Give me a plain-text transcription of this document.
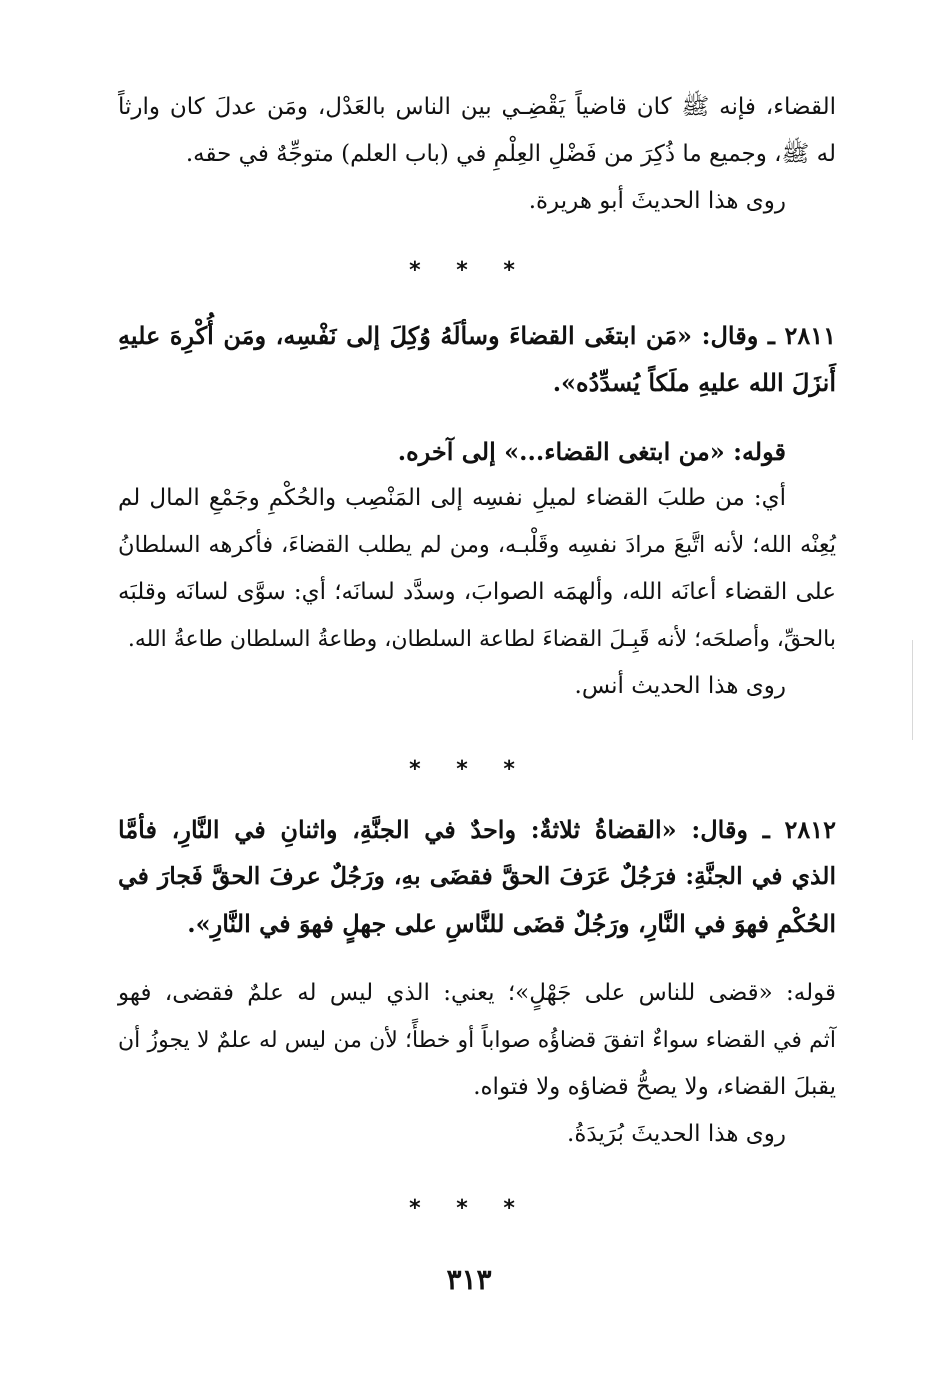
القضاء، فإنه ﷺ كان قاضياً يَقْضِـي بين الناس بالعَدْل، ومَن عدلَ كان وارثاً
له ﷺ، وجميع ما ذُكِرَ من فَضْلِ العِلْمِ في (باب العلم) متوجِّهٌ في حقه.
روى هذا الحديثَ أبو هريرة.
* * *
٢٨١١ ـ وقال: «مَن ابتغَى القضاءَ وسألَهُ وُكِلَ إلى نَفْسِه، ومَن أُكْرِهَ عليهِ
أَنزَلَ الله عليهِ ملَكاً يُسدِّدُه».
قوله: «من ابتغى القضاء...» إلى آخره.
أي: من طلبَ القضاء لميلِ نفسِه إلى المَنْصِب والحُكْمِ وجَمْعِ المال لم
يُعِنْه الله؛ لأنه اتَّبعَ مرادَ نفسِه وقَلْبـه، ومن لم يطلب القضاءَ، فأكرهه السلطانُ
على القضاء أعانَه الله، وألهمَه الصوابَ، وسدَّد لسانَه؛ أي: سوَّى لسانَه وقلبَه
بالحقِّ، وأصلحَه؛ لأنه قَبِـلَ القضاءَ لطاعة السلطان، وطاعةُ السلطان طاعةُ الله.
روى هذا الحديث أنس.
* * *
٢٨١٢ ـ وقال: «القضاةُ ثلاثةٌ: واحدٌ في الجنَّةِ، واثنانِ في النَّارِ، فأمَّا
الذي في الجنَّةِ: فرَجُلٌ عَرَفَ الحقَّ فقضَى بهِ، ورَجُلٌ عرفَ الحقَّ فَجارَ في
الحُكْمِ فهوَ في النَّارِ، ورَجُلٌ قضَى للنَّاسِ على جهلٍ فهوَ في النَّارِ».
قوله: «قضى للناس على جَهْلٍ»؛ يعني: الذي ليس له علمٌ فقضى، فهو
آثم في القضاء سواءٌ اتفقَ قضاؤُه صواباً أو خطأً؛ لأن من ليس له علمٌ لا يجوزُ أن
يقبلَ القضاء، ولا يصحُّ قضاؤه ولا فتواه.
روى هذا الحديثَ بُرَيدَةُ.
* * *
٣١٣
